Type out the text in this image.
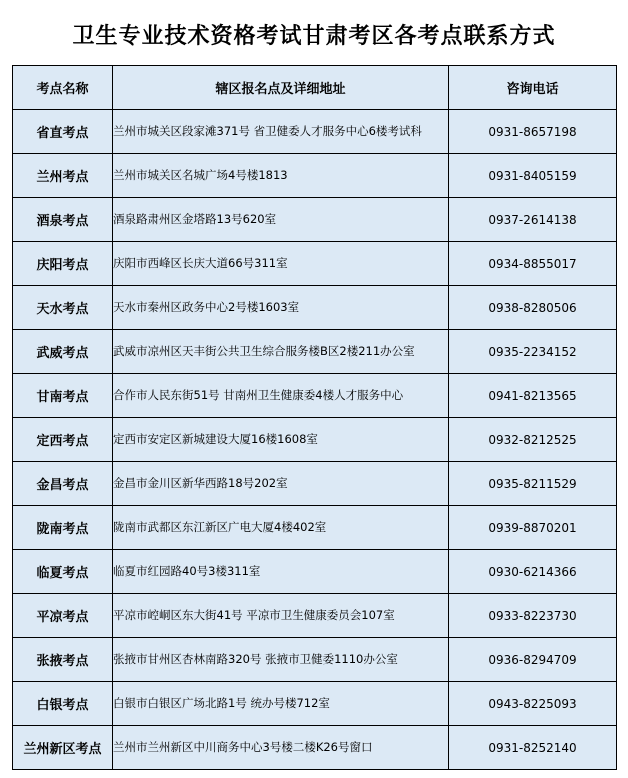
卫生专业技术资格考试甘肃考区各考点联系方式
考点名称	辖区报名点及详细地址	咨询电话
省直考点	兰州市城关区段家滩371号 省卫健委人才服务中心6楼考试科	0931-8657198
兰州考点	兰州市城关区名城广场4号楼1813	0931-8405159
酒泉考点	酒泉路肃州区金塔路13号620室	0937-2614138
庆阳考点	庆阳市西峰区长庆大道66号311室	0934-8855017
天水考点	天水市秦州区政务中心2号楼1603室	0938-8280506
武威考点	武威市凉州区天丰街公共卫生综合服务楼B区2楼211办公室	0935-2234152
甘南考点	合作市人民东街51号 甘南州卫生健康委4楼人才服务中心	0941-8213565
定西考点	定西市安定区新城建设大厦16楼1608室	0932-8212525
金昌考点	金昌市金川区新华西路18号202室	0935-8211529
陇南考点	陇南市武都区东江新区广电大厦4楼402室	0939-8870201
临夏考点	临夏市红园路40号3楼311室	0930-6214366
平凉考点	平凉市崆峒区东大街41号 平凉市卫生健康委员会107室	0933-8223730
张掖考点	张掖市甘州区杏林南路320号 张掖市卫健委1110办公室	0936-8294709
白银考点	白银市白银区广场北路1号 统办号楼712室	0943-8225093
兰州新区考点	兰州市兰州新区中川商务中心3号楼二楼K26号窗口	0931-8252140
